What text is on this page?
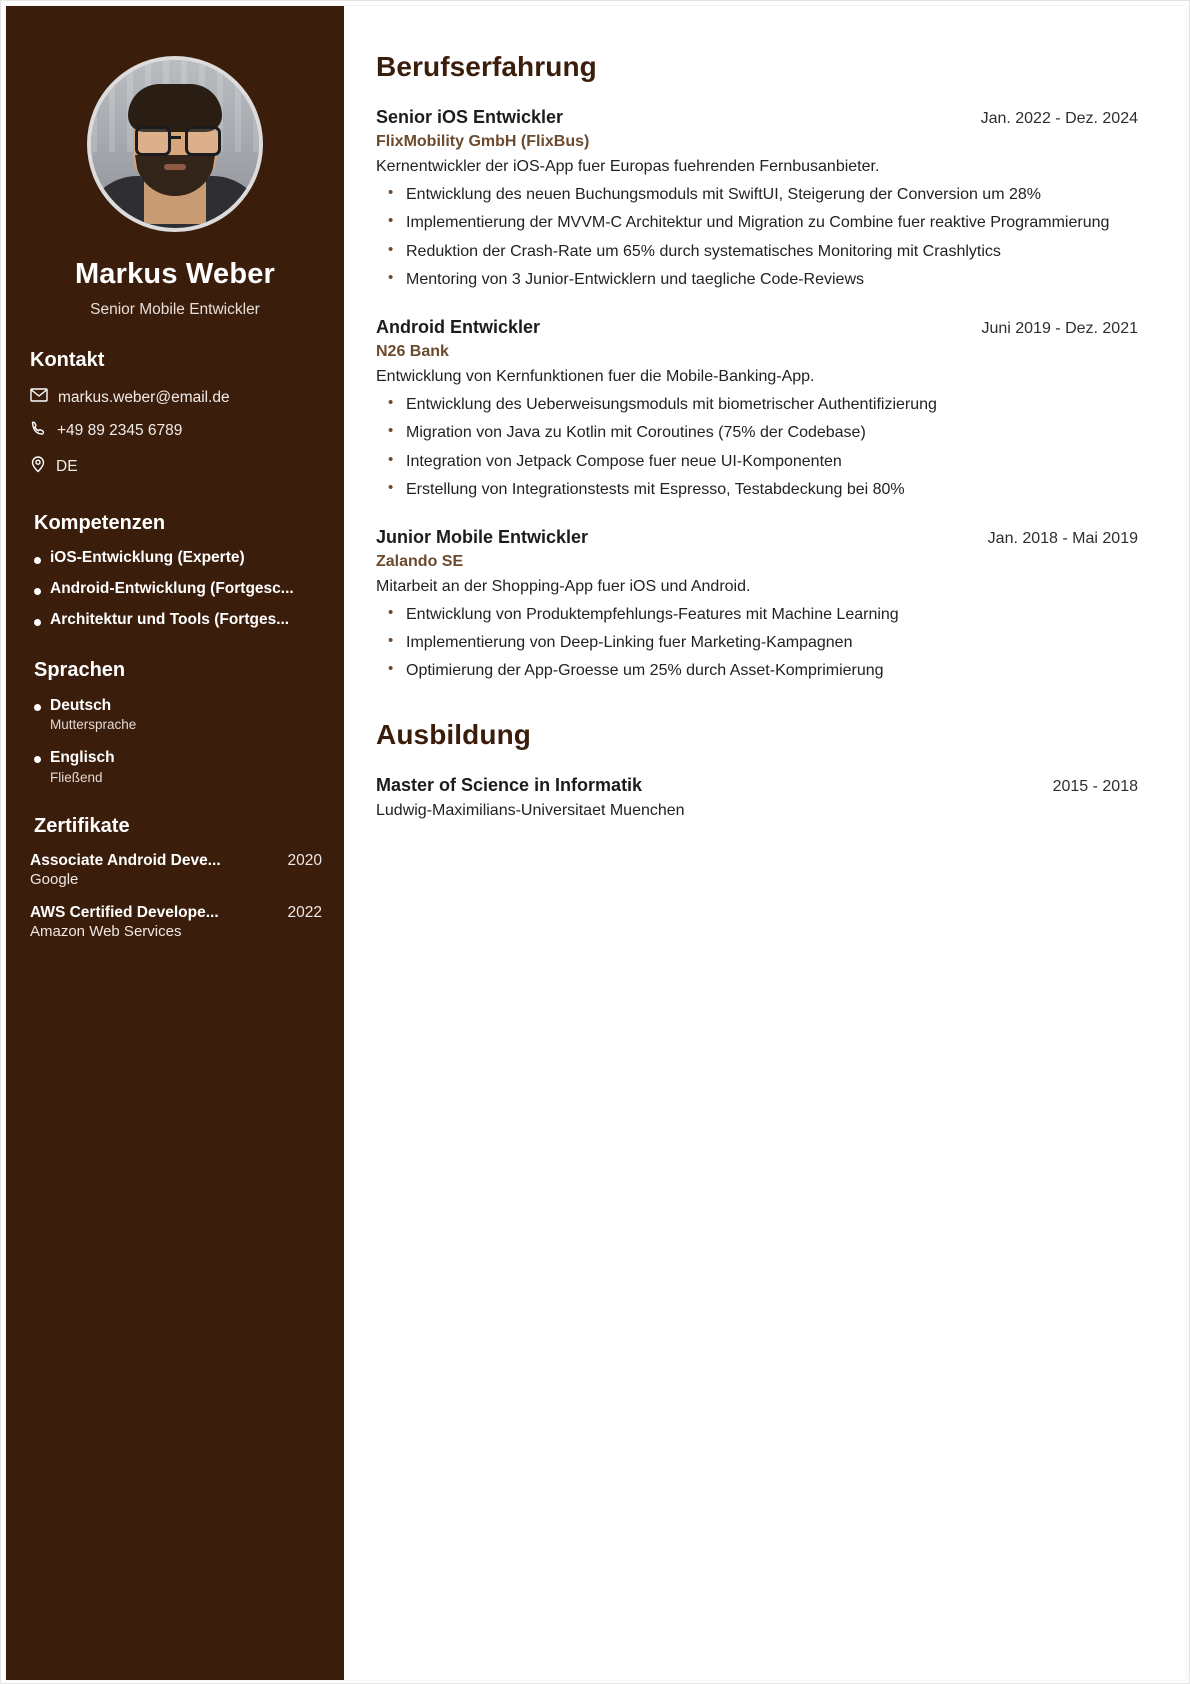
Markus Weber
Senior Mobile Entwickler
Kontakt
markus.weber@email.de
+49 89 2345 6789
DE
Kompetenzen
iOS-Entwicklung (Experte)
Android-Entwicklung (Fortgesc...
Architektur und Tools (Fortges...
Sprachen
Deutsch
Muttersprache
Englisch
Fließend
Zertifikate
Associate Android Deve...	2020
Google
AWS Certified Develope...	2022
Amazon Web Services
Berufserfahrung
Senior iOS Entwickler	Jan. 2022 - Dez. 2024
FlixMobility GmbH (FlixBus)
Kernentwickler der iOS-App fuer Europas fuehrenden Fernbusanbieter.
• Entwicklung des neuen Buchungsmoduls mit SwiftUI, Steigerung der Conversion um 28%
• Implementierung der MVVM-C Architektur und Migration zu Combine fuer reaktive Programmierung
• Reduktion der Crash-Rate um 65% durch systematisches Monitoring mit Crashlytics
• Mentoring von 3 Junior-Entwicklern und taegliche Code-Reviews
Android Entwickler	Juni 2019 - Dez. 2021
N26 Bank
Entwicklung von Kernfunktionen fuer die Mobile-Banking-App.
• Entwicklung des Ueberweisungsmoduls mit biometrischer Authentifizierung
• Migration von Java zu Kotlin mit Coroutines (75% der Codebase)
• Integration von Jetpack Compose fuer neue UI-Komponenten
• Erstellung von Integrationstests mit Espresso, Testabdeckung bei 80%
Junior Mobile Entwickler	Jan. 2018 - Mai 2019
Zalando SE
Mitarbeit an der Shopping-App fuer iOS und Android.
• Entwicklung von Produktempfehlungs-Features mit Machine Learning
• Implementierung von Deep-Linking fuer Marketing-Kampagnen
• Optimierung der App-Groesse um 25% durch Asset-Komprimierung
Ausbildung
Master of Science in Informatik	2015 - 2018
Ludwig-Maximilians-Universitaet Muenchen
